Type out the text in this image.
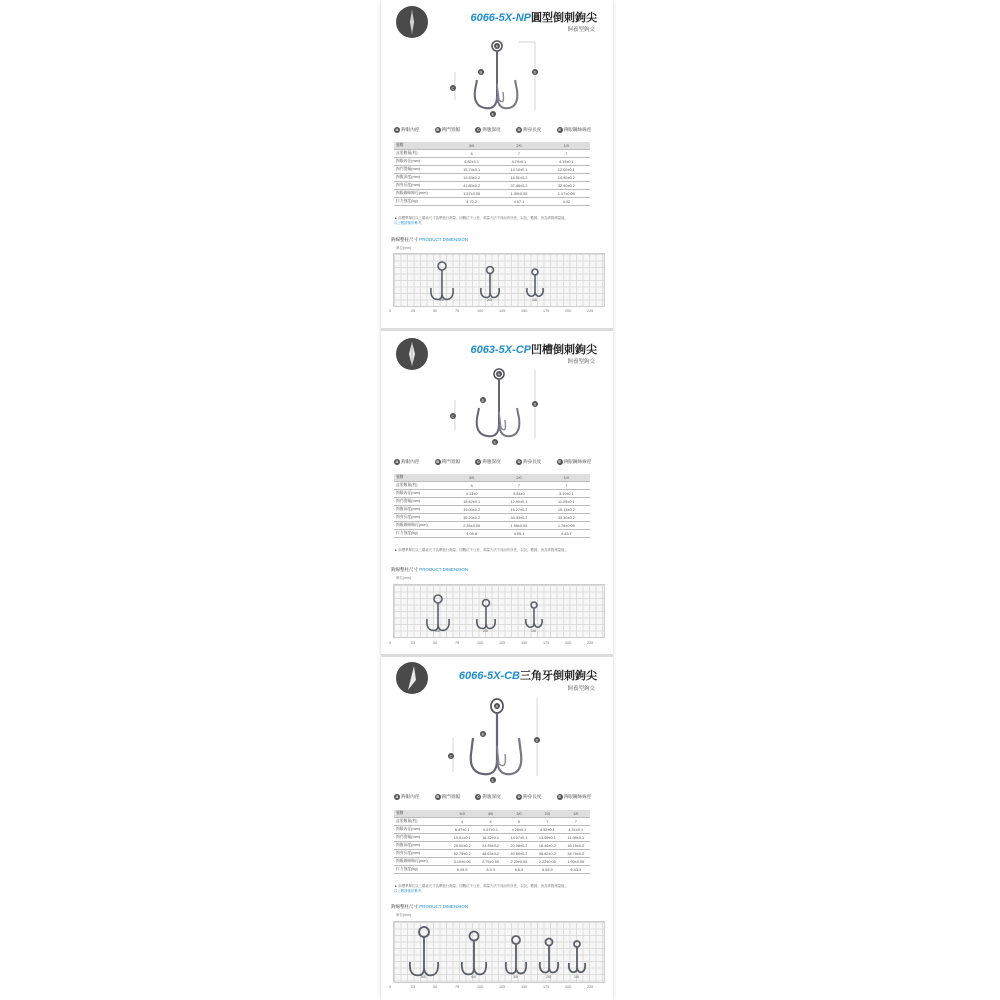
6066-5X-NP圓型倒刺鉤尖
飼養型鉤交
A
B
C
D
E
A 鉤眼內徑	B 鉤門寬幅	C 鉤腹深度	D 鉤身長度	E 鉤眼鋼絲線徑
號數	3/0	2/0	1/0
盒裝數量(枚)	6	7	7
鉤眼內徑(mm)	4.82±0.1	4.79±0.1	4.19±0.1
鉤門寬幅(mm)	15.74±0.1	14.10±0.1	12.00±0.1
鉤腹深度(mm)	19.53±0.2	16.51±0.2	14.90±0.2
鉤身長度(mm)	41.80±0.2	37.46±0.2	32.90±0.2
鉤眼鋼絲線徑(mm)	1.57±0.05	1.39±0.05	1.17±0.05
拉力強度(kg)	4.70.2	4.07.1	4.42
▲ 如標準單位以三碼表尺寸為準進行測量，因數位不公差、測量方法不同而有所差，以及。數據，皆為實際測量值。
以上數據僅供參考。
鉤線整柱尺寸 PRODUCT DIMENSION
單位(mm)
3/0	2/0	1/0
0	25	50	75	100	125	150	175	200	225
6063-5X-CP凹槽倒刺鉤尖
飼養型鉤交
A
B
C
D
E
A 鉤眼內徑	B 鉤門寬幅	C 鉤腹深度	D 鉤身長度	E 鉤眼鋼絲線徑
號數	3/0	2/0	1/0
盒裝數量(枚)	5	7	7
鉤眼內徑(mm)	4.13±0	3.84±0	3.10±0.1
鉤門寬幅(mm)	15.42±0.1	12.90±0.1	11.25±0.1
鉤腹深度(mm)	19.00±0.2	16.27±0.2	15.13±0.2
鉤身長度(mm)	35.20±0.2	34.33±0.2	30.30±0.2
鉤眼鋼絲線徑(mm)	2.35±0.05	1.95±0.05	1.76±0.05
拉力強度(kg)	4.09.8	4.05.1	4.43.7
▲ 如標準單位以三碼表尺寸為準進行測量，因數位不公差、測量方法不同而有所差，以及。數據，皆為實際測量值。
鉤線整柱尺寸 PRODUCT DIMENSION
單位(mm)
3/0	2/0	1/0
0	25	50	75	100	125	150	175	200	225
6066-5X-CB三角牙倒刺鉤尖
飼養型鉤交
A
B
C
D
E
A 鉤眼內徑	B 鉤門寬幅	C 鉤腹深度	D 鉤身長度	E 鉤眼鋼絲線徑
號數	5/0	4/0	3/0	2/0	1/0
盒裝數量(枚)	4	4	5	7	7
鉤眼內徑(mm)	6.47±0.1	5.57±0.1	4.26±0.1	4.52±0.1	4.31±0.1
鉤門寬幅(mm)	19.51±0.1	16.32±0.1	14.07±0.1	13.69±0.1	11.98±0.1
鉤腹深度(mm)	25.00±0.2	23.35±0.2	20.38±0.2	16.46±0.2	16.15±0.2
鉤身長度(mm)	52.75±0.2	48.63±0.2	40.69±0.2	38.82±0.2	34.75±0.2
鉤眼鋼絲線徑(mm)	3.10±0.05	2.75±0.05	2.20±0.05	2.22±0.05	1.90±0.05
拉力強度(kg)	9.09.5	8.5.3	6.6.5	6.55.9	6.43.3
▲ 如標準單位以三碼表尺寸為準進行測量，因數位不公差、測量方法不同而有所差，以及。數據，皆為實際測量值。
以上數據僅供參考。
鉤線整柱尺寸 PRODUCT DIMENSION
單位(mm)
5/0	4/0	3/0	2/0	1/0
0	25	50	75	100	125	150	175	200	225
